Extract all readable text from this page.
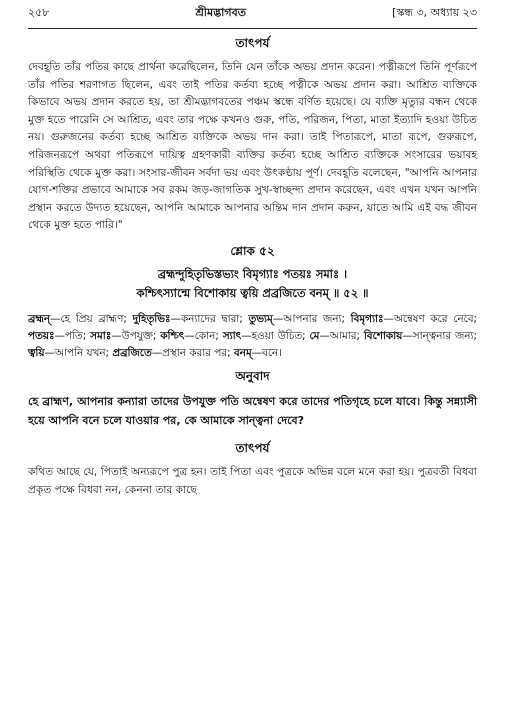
২৫৮	শ্রীমদ্ভাগবত	[স্কন্ধ ৩, অধ্যায় ২৩
তাৎপর্য

দেবহূতি তাঁর পতির কাছে প্রার্থনা করেছিলেন, তিনি যেন তাঁকে অভয় প্রদান করেন। পত্নীরূপে তিনি পূর্ণরূপে তাঁর পতির শরণাগত ছিলেন, এবং তাই পতির কর্তব্য হচ্ছে পত্নীকে অভয় প্রদান করা। আশ্রিত ব্যক্তিকে কিভাবে অভয় প্রদান করতে হয়, তা শ্রীমদ্ভাগবতের পঞ্চম স্কন্ধে বর্ণিত হয়েছে। যে ব্যক্তি মৃত্যুর বন্ধন থেকে মুক্ত হতে পারেনি সে আশ্রিত, এবং তার পক্ষে কখনও গুরু, পতি, পরিজন, পিতা, মাতা ইত্যাদি হওয়া উচিত নয়। গুরুজনের কর্তব্য হচ্ছে আশ্রিত ব্যক্তিকে অভয় দান করা। তাই পিতারূপে, মাতা রূপে, গুরুরূপে, পরিজনরূপে অথবা পতিরূপে দায়িত্ব গ্রহণকারী ব্যক্তির কর্তব্য হচ্ছে আশ্রিত ব্যক্তিকে সংসারের ভয়াবহ পরিস্থিতি থেকে মুক্ত করা। সংসার-জীবন সর্বদা ভয় এবং উৎকণ্ঠায় পূর্ণ। দেবহূতি বলেছেন, "আপনি আপনার যোগ-শক্তির প্রভাবে আমাকে সব রকম জড়-জাগতিক সুখ-স্বাচ্ছন্দ্য প্রদান করেছেন, এবং এখন যখন আপনি প্রস্থান করতে উদ্যত হয়েছেন, আপনি আমাকে আপনার অন্তিম দান প্রদান করুন, যাতে আমি এই বদ্ধ জীবন থেকে মুক্ত হতে পারি।"

শ্লোক ৫২

ব্রহ্মন্দুহিতৃভিস্তভ্যং বিমৃগ্যাঃ পতয়ঃ সমাঃ ।

কশ্চিৎস্যান্মে বিশোকায় ত্বয়ি প্রব্রজিতে বনম্ ॥ ৫২ ॥

ব্রহ্মন্—হে প্রিয় ব্রাহ্মণ; দুহিতৃভিঃ—কন্যাদের দ্বারা; তুভ্যম্—আপনার জন্য; বিমৃগ্যাঃ—অন্বেষণ করে নেবে; পতয়ঃ—পতি; সমাঃ—উপযুক্ত; কশ্চিৎ—কোন; স্যাৎ—হওয়া উচিত; মে—আমার; বিশোকায়—সান্ত্বনার জন্য; ত্বয়ি—আপনি যখন; প্রব্রজিতে—প্রস্থান করার পর; বনম্—বনে।

অনুবাদ

হে ব্রাহ্মণ, আপনার কন্যারা তাদের উপযুক্ত পতি অন্বেষণ করে তাদের পতিগৃহে চলে যাবে। কিন্তু সন্ন্যাসী হয়ে আপনি বনে চলে যাওয়ার পর, কে আমাকে সান্ত্বনা দেবে?

তাৎপর্য

কথিত আছে যে, পিতাই অন্যরূপে পুত্র হন। তাই পিতা এবং পুত্রকে অভিন্ন বলে মনে করা হয়। পুত্রবতী বিধবা প্রকৃত পক্ষে বিধবা নন, কেননা তার কাছে
